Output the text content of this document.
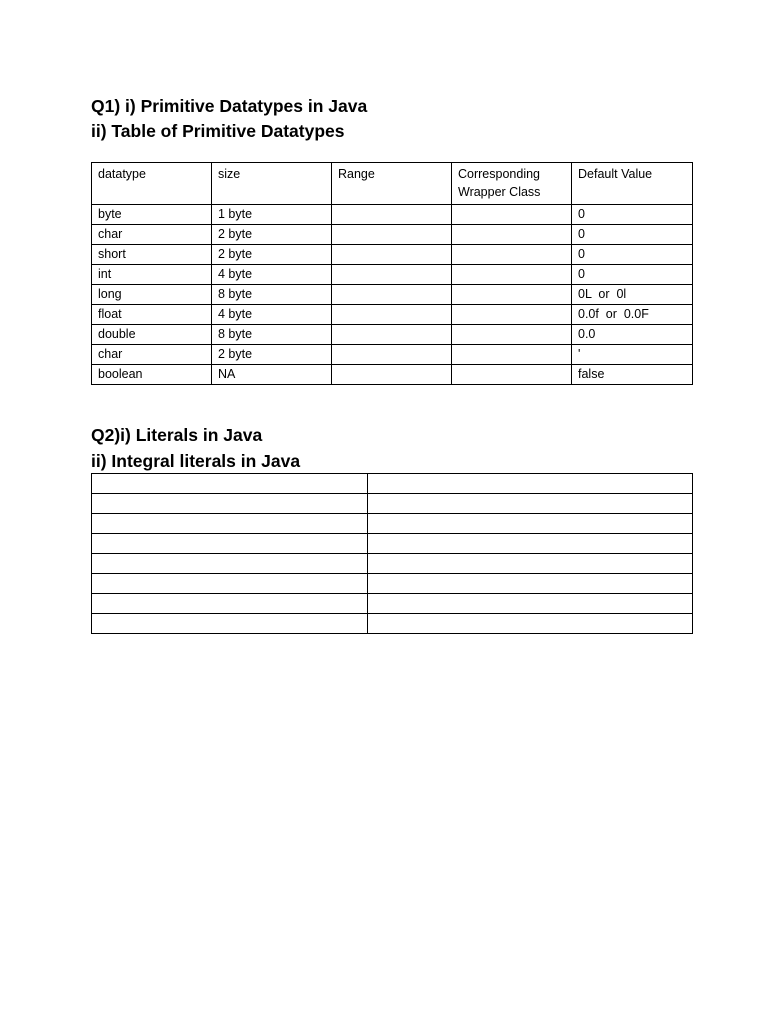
Q1) i) Primitive Datatypes in Java
ii) Table of Primitive Datatypes
datatype	size	Range	Corresponding Wrapper Class	Default Value
byte	1 byte			0
char	2 byte			0
short	2 byte			0
int	4 byte			0
long	8 byte			0L  or  0l
float	4 byte			0.0f  or  0.0F
double	8 byte			0.0
char	2 byte			'
boolean	NA			false
Q2)i) Literals in Java
ii) Integral literals in Java
